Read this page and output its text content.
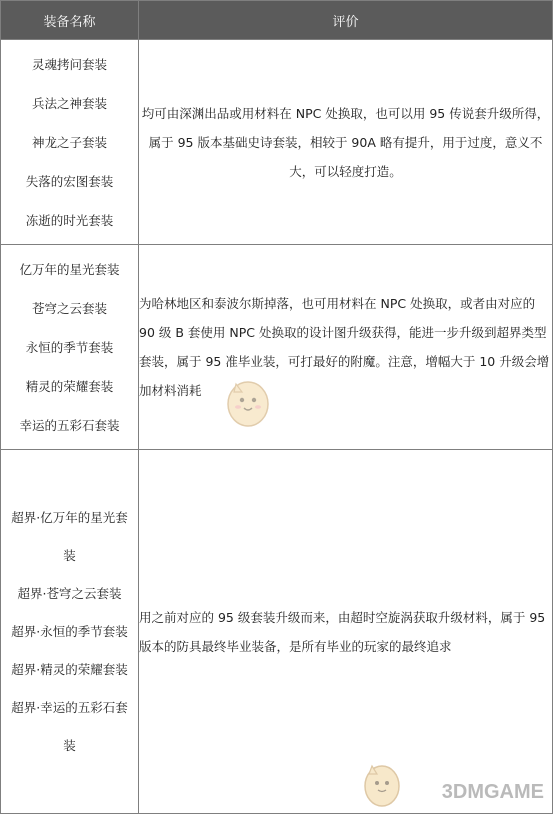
装备名称	评价

灵魂拷问套装
兵法之神套装
神龙之子套装
失落的宏图套装
冻逝的时光套装	均可由深渊出品或用材料在 NPC 处换取，也可以用 95 传说套升级所得，属于 95 版本基础史诗套装，相较于 90A 略有提升，用于过度，意义不大，可以轻度打造。

亿万年的星光套装
苍穹之云套装
永恒的季节套装
精灵的荣耀套装
幸运的五彩石套装	为哈林地区和泰波尔斯掉落，也可用材料在 NPC 处换取，或者由对应的 90 级 B 套使用 NPC 处换取的设计图升级获得，能进一步升级到超界类型套装，属于 95 准毕业装，可打最好的附魔。注意，增幅大于 10 升级会增加材料消耗

超界·亿万年的星光套装
超界·苍穹之云套装
超界·永恒的季节套装
超界·精灵的荣耀套装
超界·幸运的五彩石套装	用之前对应的 95 级套装升级而来，由超时空旋涡获取升级材料，属于 95 版本的防具最终毕业装备，是所有毕业的玩家的最终追求
3DMGAME
